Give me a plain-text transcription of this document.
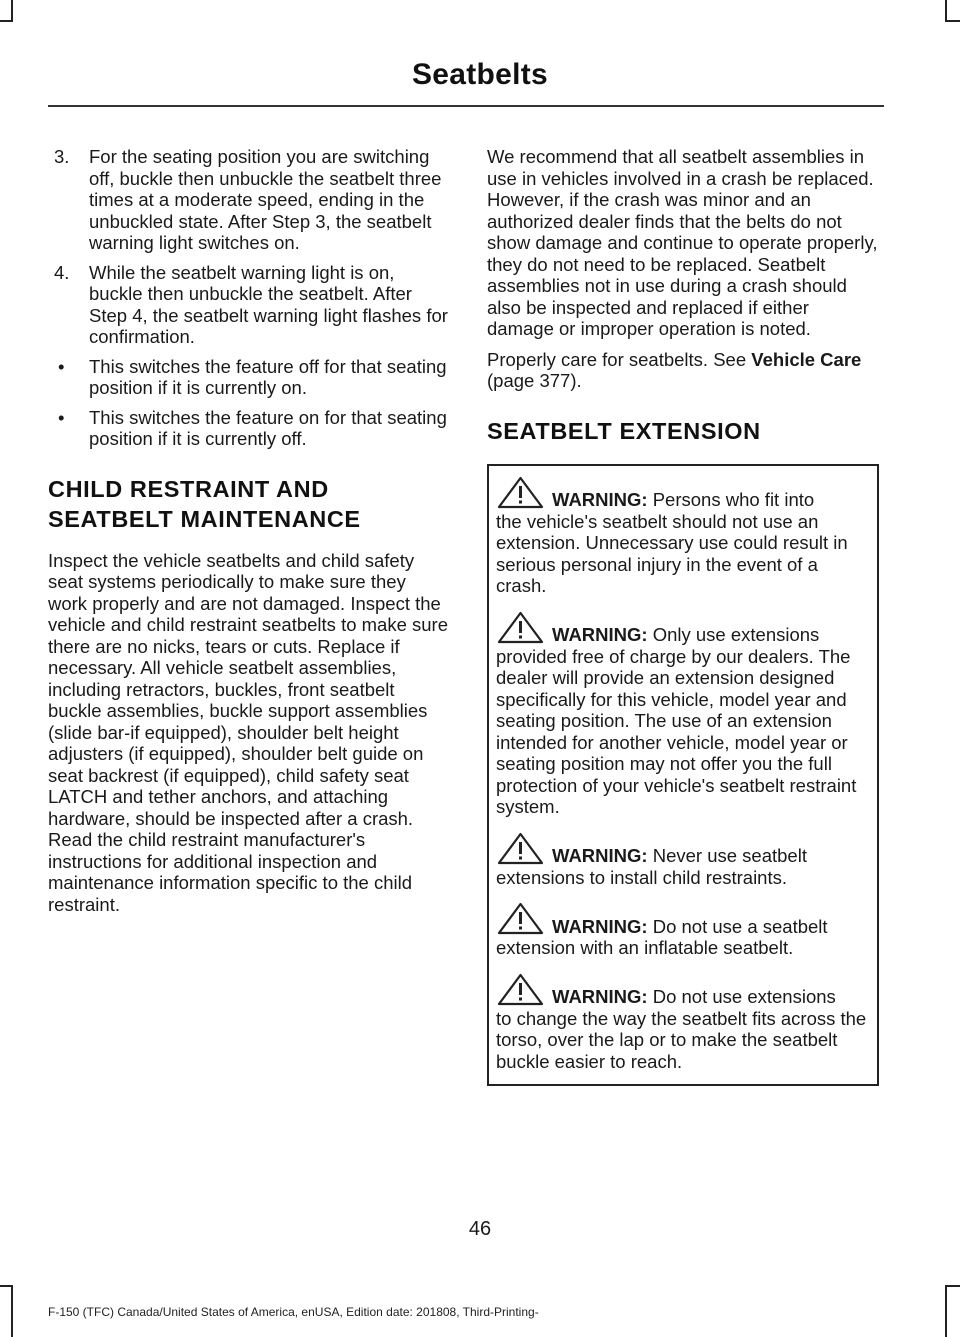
Seatbelts
3. For the seating position you are switching off, buckle then unbuckle the seatbelt three times at a moderate speed, ending in the unbuckled state. After Step 3, the seatbelt warning light switches on.
4. While the seatbelt warning light is on, buckle then unbuckle the seatbelt. After Step 4, the seatbelt warning light flashes for confirmation.
• This switches the feature off for that seating position if it is currently on.
• This switches the feature on for that seating position if it is currently off.
CHILD RESTRAINT AND
SEATBELT MAINTENANCE
Inspect the vehicle seatbelts and child safety seat systems periodically to make sure they work properly and are not damaged. Inspect the vehicle and child restraint seatbelts to make sure there are no nicks, tears or cuts. Replace if necessary. All vehicle seatbelt assemblies, including retractors, buckles, front seatbelt buckle assemblies, buckle support assemblies (slide bar-if equipped), shoulder belt height adjusters (if equipped), shoulder belt guide on seat backrest (if equipped), child safety seat LATCH and tether anchors, and attaching hardware, should be inspected after a crash. Read the child restraint manufacturer's instructions for additional inspection and maintenance information specific to the child restraint.
We recommend that all seatbelt assemblies in use in vehicles involved in a crash be replaced. However, if the crash was minor and an authorized dealer finds that the belts do not show damage and continue to operate properly, they do not need to be replaced. Seatbelt assemblies not in use during a crash should also be inspected and replaced if either damage or improper operation is noted.
Properly care for seatbelts. See Vehicle Care (page 377).
SEATBELT EXTENSION
WARNING: Persons who fit into
the vehicle's seatbelt should not use an extension. Unnecessary use could result in serious personal injury in the event of a crash.
WARNING: Only use extensions
provided free of charge by our dealers. The dealer will provide an extension designed specifically for this vehicle, model year and seating position. The use of an extension intended for another vehicle, model year or seating position may not offer you the full protection of your vehicle's seatbelt restraint system.
WARNING: Never use seatbelt
extensions to install child restraints.
WARNING: Do not use a seatbelt
extension with an inflatable seatbelt.
WARNING: Do not use extensions
to change the way the seatbelt fits across the torso, over the lap or to make the seatbelt buckle easier to reach.
46
F-150 (TFC) Canada/United States of America, enUSA, Edition date: 201808, Third-Printing-
